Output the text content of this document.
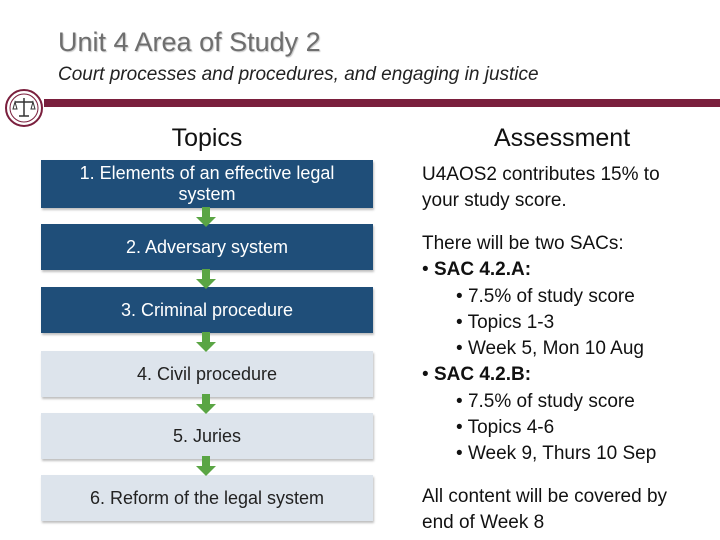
Unit 4 Area of Study 2
Court processes and procedures, and engaging in justice
Topics	Assessment
1. Elements of an effective legal
system
2. Adversary system
3. Criminal procedure
4. Civil procedure
5. Juries
6. Reform of the legal system
U4AOS2 contributes 15% to
your study score.
There will be two SACs:
• SAC 4.2.A:
• 7.5% of study score
• Topics 1-3
• Week 5, Mon 10 Aug
• SAC 4.2.B:
• 7.5% of study score
• Topics 4-6
• Week 9, Thurs 10 Sep
All content will be covered by
end of Week 8
